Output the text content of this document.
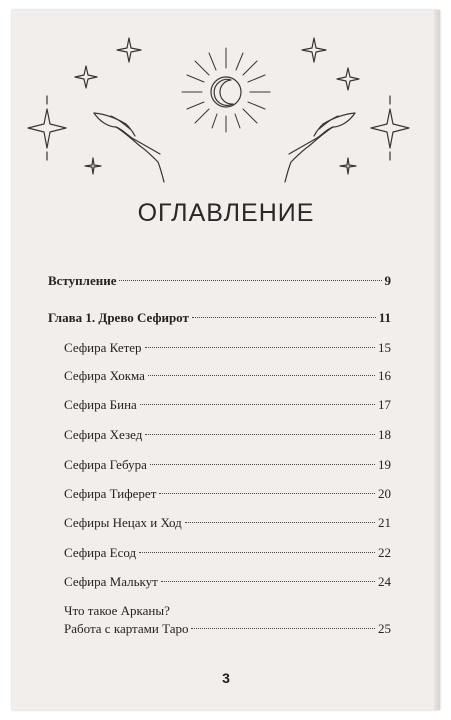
ОГЛАВЛЕНИЕ
Вступление	9
Глава 1. Древо Сефирот	11
Сефира Кетер	15
Сефира Хокма	16
Сефира Бина	17
Сефира Хезед	18
Сефира Гебура	19
Сефира Тиферет	20
Сефиры Нецах и Ход	21
Сефира Есод	22
Сефира Малькут	24
Что такое Арканы?
Работа с картами Таро	25
3
